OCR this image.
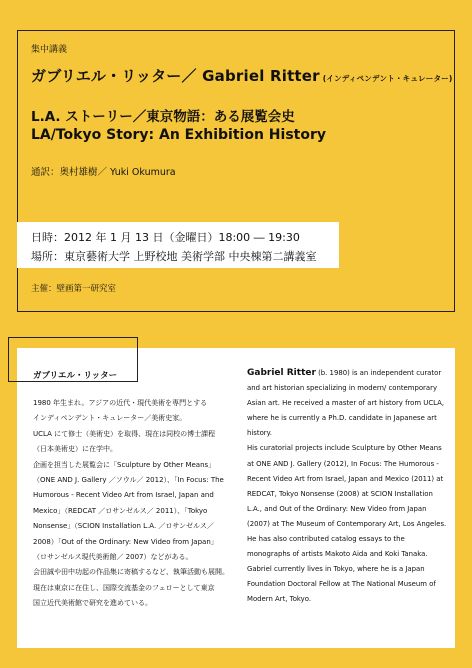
集中講義
ガブリエル・リッター／ Gabriel Ritter (インディペンデント・キュレーター)
L.A. ストーリー／東京物語：ある展覧会史
LA/Tokyo Story: An Exhibition History
通訳：奥村雄樹／ Yuki Okumura
日時：2012 年 1 月 13 日（金曜日）18:00 ― 19:30
場所：東京藝術大学 上野校地 美術学部 中央棟第二講義室
主催：壁画第一研究室
ガブリエル・リッター

1980 年生まれ。アジアの近代・現代美術を専門とする

インディペンデント・キュレーター／美術史家。

UCLA にて修士（美術史）を取得、現在は同校の博士課程

（日本美術史）に在学中。

企画を担当した展覧会に「Sculpture by Other Means」

（ONE AND J. Gallery ／ソウル／ 2012）、「In Focus: The

Humorous - Recent Video Art from Israel, Japan and

Mexico」（REDCAT ／ロサンゼルス／ 2011）、「Tokyo

Nonsense」（SCION Installation L.A. ／ロサンゼルス／

2008）「Out of the Ordinary: New Video from Japan」

（ロサンゼルス現代美術館／ 2007）などがある。

会田誠や田中功起の作品集に寄稿するなど、執筆活動も展開。

現在は東京に在住し、国際交流基金のフェローとして東京

国立近代美術館で研究を進めている。

Gabriel Ritter (b. 1980) is an independent curator

and art historian specializing in modern/ contemporary

Asian art. He received a master of art history from UCLA,

where he is currently a Ph.D. candidate in Japanese art

history.

His curatorial projects include Sculpture by Other Means

at ONE AND J. Gallery (2012), In Focus: The Humorous -

Recent Video Art from Israel, Japan and Mexico (2011) at

REDCAT, Tokyo Nonsense (2008) at SCION Installation

L.A., and Out of the Ordinary: New Video from Japan

(2007) at The Museum of Contemporary Art, Los Angeles.

He has also contributed catalog essays to the

monographs of artists Makoto Aida and Koki Tanaka.

Gabriel currently lives in Tokyo, where he is a Japan

Foundation Doctoral Fellow at The National Museum of

Modern Art, Tokyo.
